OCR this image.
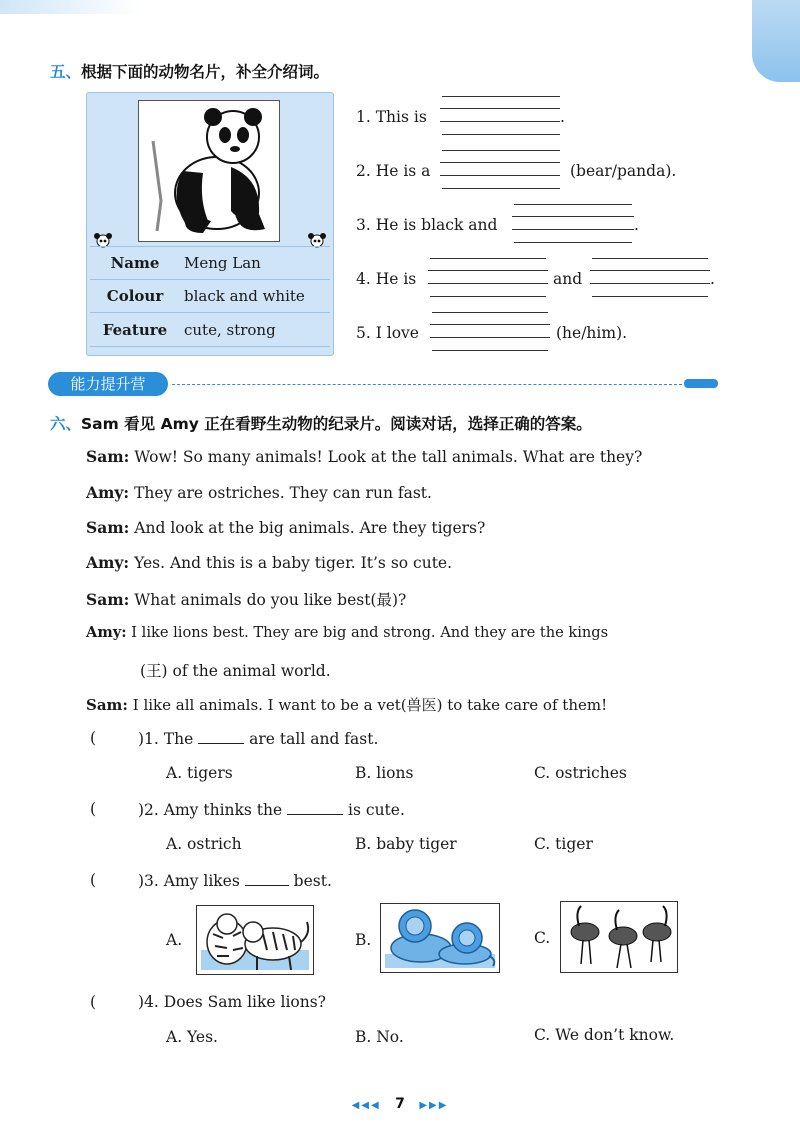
五、根据下面的动物名片，补全介绍词。
Name	Meng Lan
Colour	black and white
Feature	cute, strong
1. This is	.
2. He is a	(bear/panda).
3. He is black and	.
4. He is	and	.
5. I love	(he/him).
能力提升营
六、Sam 看见 Amy 正在看野生动物的纪录片。阅读对话，选择正确的答案。
Sam: Wow! So many animals! Look at the tall animals. What are they?
Amy: They are ostriches. They can run fast.
Sam: And look at the big animals. Are they tigers?
Amy: Yes. And this is a baby tiger. It’s so cute.
Sam: What animals do you like best(最)?
Amy: I like lions best. They are big and strong. And they are the kings
(王) of the animal world.
Sam: I like all animals. I want to be a vet(兽医) to take care of them!
(	)1. The	are tall and fast.
A. tigers	B. lions	C. ostriches
(	)2. Amy thinks the	is cute.
A. ostrich	B. baby tiger	C. tiger
(	)3. Amy likes	best.
A.	B.	C.
(	)4. Does Sam like lions?
A. Yes.	B. No.	C. We don’t know.
◀◀◀ 7 ▶▶▶
